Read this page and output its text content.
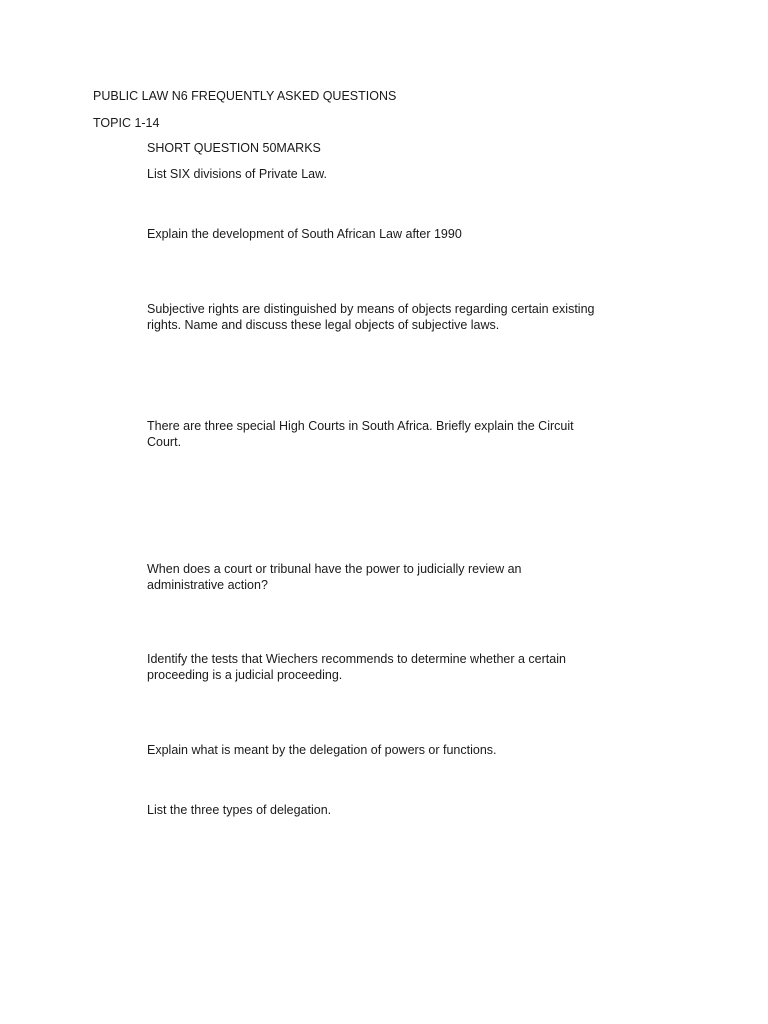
PUBLIC LAW N6 FREQUENTLY ASKED QUESTIONS

TOPIC 1-14

SHORT QUESTION 50MARKS

List SIX divisions of Private Law.

Explain the development of South African Law after 1990

Subjective rights are distinguished by means of objects regarding certain existing rights. Name and discuss these legal objects of subjective laws.

There are three special High Courts in South Africa. Briefly explain the Circuit Court.

When does a court or tribunal have the power to judicially review an administrative action?

Identify the tests that Wiechers recommends to determine whether a certain proceeding is a judicial proceeding.

Explain what is meant by the delegation of powers or functions.

List the three types of delegation.
